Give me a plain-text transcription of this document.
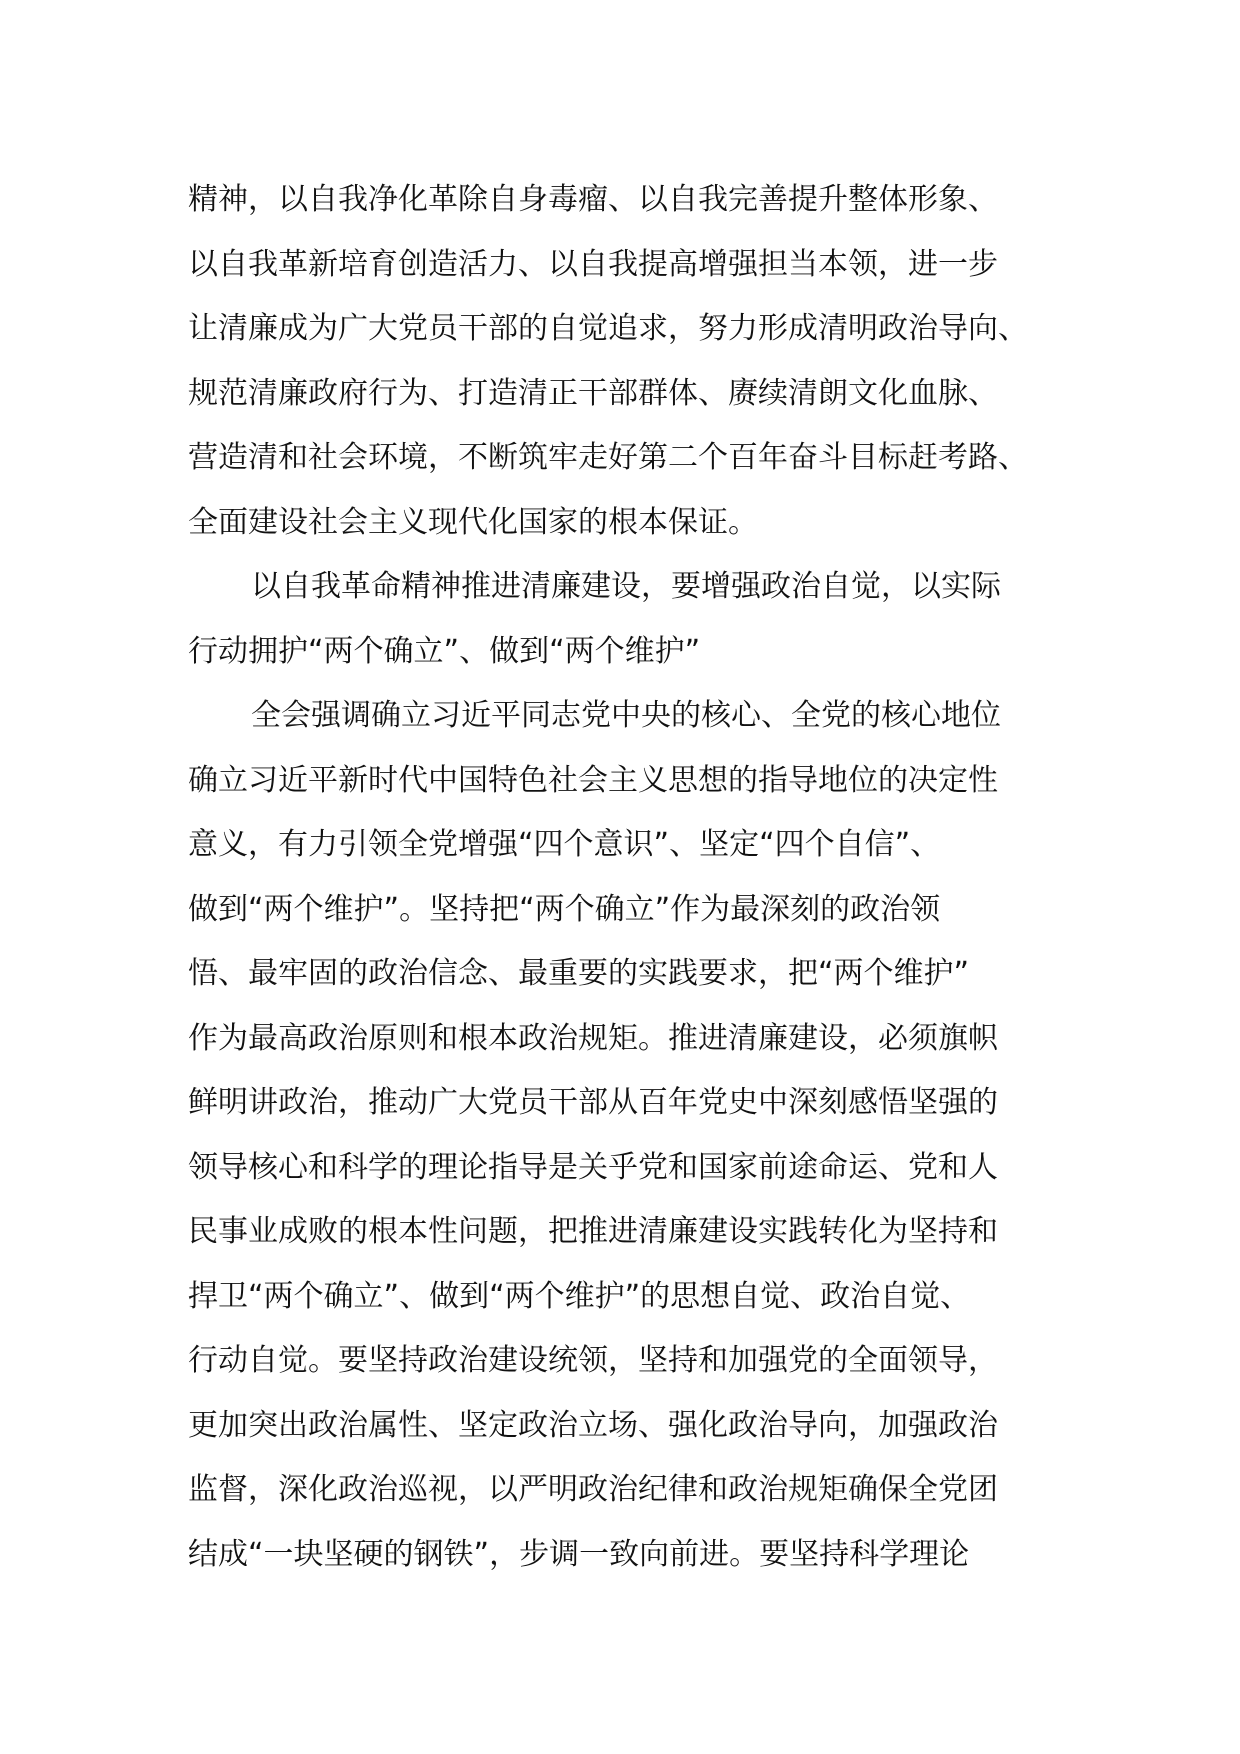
精神，以自我净化革除自身毒瘤、以自我完善提升整体形象、
以自我革新培育创造活力、以自我提高增强担当本领，进一步
让清廉成为广大党员干部的自觉追求，努力形成清明政治导向、
规范清廉政府行为、打造清正干部群体、赓续清朗文化血脉、
营造清和社会环境，不断筑牢走好第二个百年奋斗目标赶考路、
全面建设社会主义现代化国家的根本保证。
以自我革命精神推进清廉建设，要增强政治自觉，以实际
行动拥护“两个确立”、做到“两个维护”
全会强调确立习近平同志党中央的核心、全党的核心地位
确立习近平新时代中国特色社会主义思想的指导地位的决定性
意义，有力引领全党增强“四个意识”、坚定“四个自信”、
做到“两个维护”。坚持把“两个确立”作为最深刻的政治领
悟、最牢固的政治信念、最重要的实践要求，把“两个维护”
作为最高政治原则和根本政治规矩。推进清廉建设，必须旗帜
鲜明讲政治，推动广大党员干部从百年党史中深刻感悟坚强的
领导核心和科学的理论指导是关乎党和国家前途命运、党和人
民事业成败的根本性问题，把推进清廉建设实践转化为坚持和
捍卫“两个确立”、做到“两个维护”的思想自觉、政治自觉、
行动自觉。要坚持政治建设统领，坚持和加强党的全面领导，
更加突出政治属性、坚定政治立场、强化政治导向，加强政治
监督，深化政治巡视，以严明政治纪律和政治规矩确保全党团
结成“一块坚硬的钢铁”，步调一致向前进。要坚持科学理论
